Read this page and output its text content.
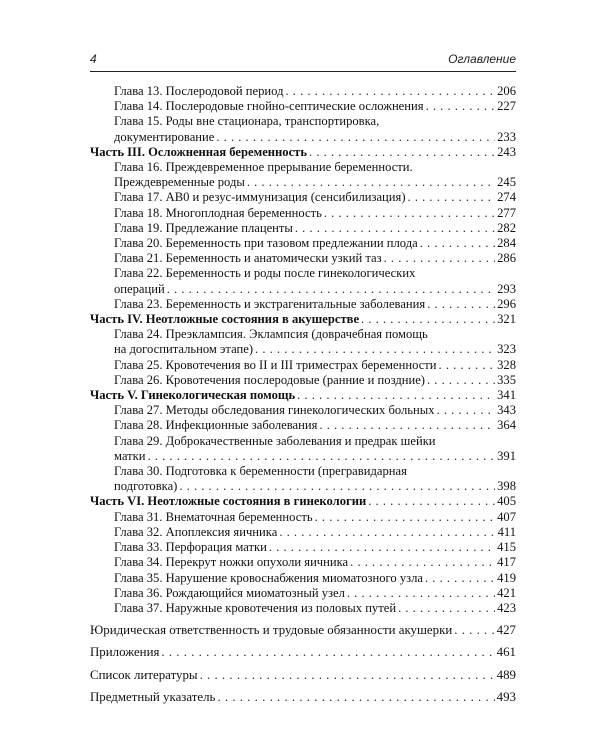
4	Оглавление
Глава 13. Послеродовой период . . .	206
Глава 14. Послеродовые гнойно-септические осложнения . . .	227
Глава 15. Роды вне стационара, транспортировка,
документирование . . .	233
Часть III. Осложненная беременность . . .	243
Глава 16. Преждевременное прерывание беременности.
Преждевременные роды . . .	245
Глава 17. AB0 и резус-иммунизация (сенсибилизация) . . .	274
Глава 18. Многоплодная беременность . . .	277
Глава 19. Предлежание плаценты . . .	282
Глава 20. Беременность при тазовом предлежании плода . . .	284
Глава 21. Беременность и анатомически узкий таз . . .	286
Глава 22. Беременность и роды после гинекологических
операций . . .	293
Глава 23. Беременность и экстрагенитальные заболевания . . .	296
Часть IV. Неотложные состояния в акушерстве . . .	321
Глава 24. Преэклампсия. Эклампсия (доврачебная помощь
на догоспитальном этапе) . . .	323
Глава 25. Кровотечения во II и III триместрах беременности . . .	328
Глава 26. Кровотечения послеродовые (ранние и поздние) . . .	335
Часть V. Гинекологическая помощь . . .	341
Глава 27. Методы обследования гинекологических больных . . .	343
Глава 28. Инфекционные заболевания . . .	364
Глава 29. Доброкачественные заболевания и предрак шейки
матки . . .	391
Глава 30. Подготовка к беременности (прегравидарная
подготовка) . . .	398
Часть VI. Неотложные состояния в гинекологии . . .	405
Глава 31. Внематочная беременность . . .	407
Глава 32. Апоплексия яичника . . .	411
Глава 33. Перфорация матки . . .	415
Глава 34. Перекрут ножки опухоли яичника . . .	417
Глава 35. Нарушение кровоснабжения миоматозного узла . . .	419
Глава 36. Рождающийся миоматозный узел . . .	421
Глава 37. Наружные кровотечения из половых путей . . .	423
Юридическая ответственность и трудовые обязанности акушерки . . .	427
Приложения . . .	461
Список литературы . . .	489
Предметный указатель . . .	493
